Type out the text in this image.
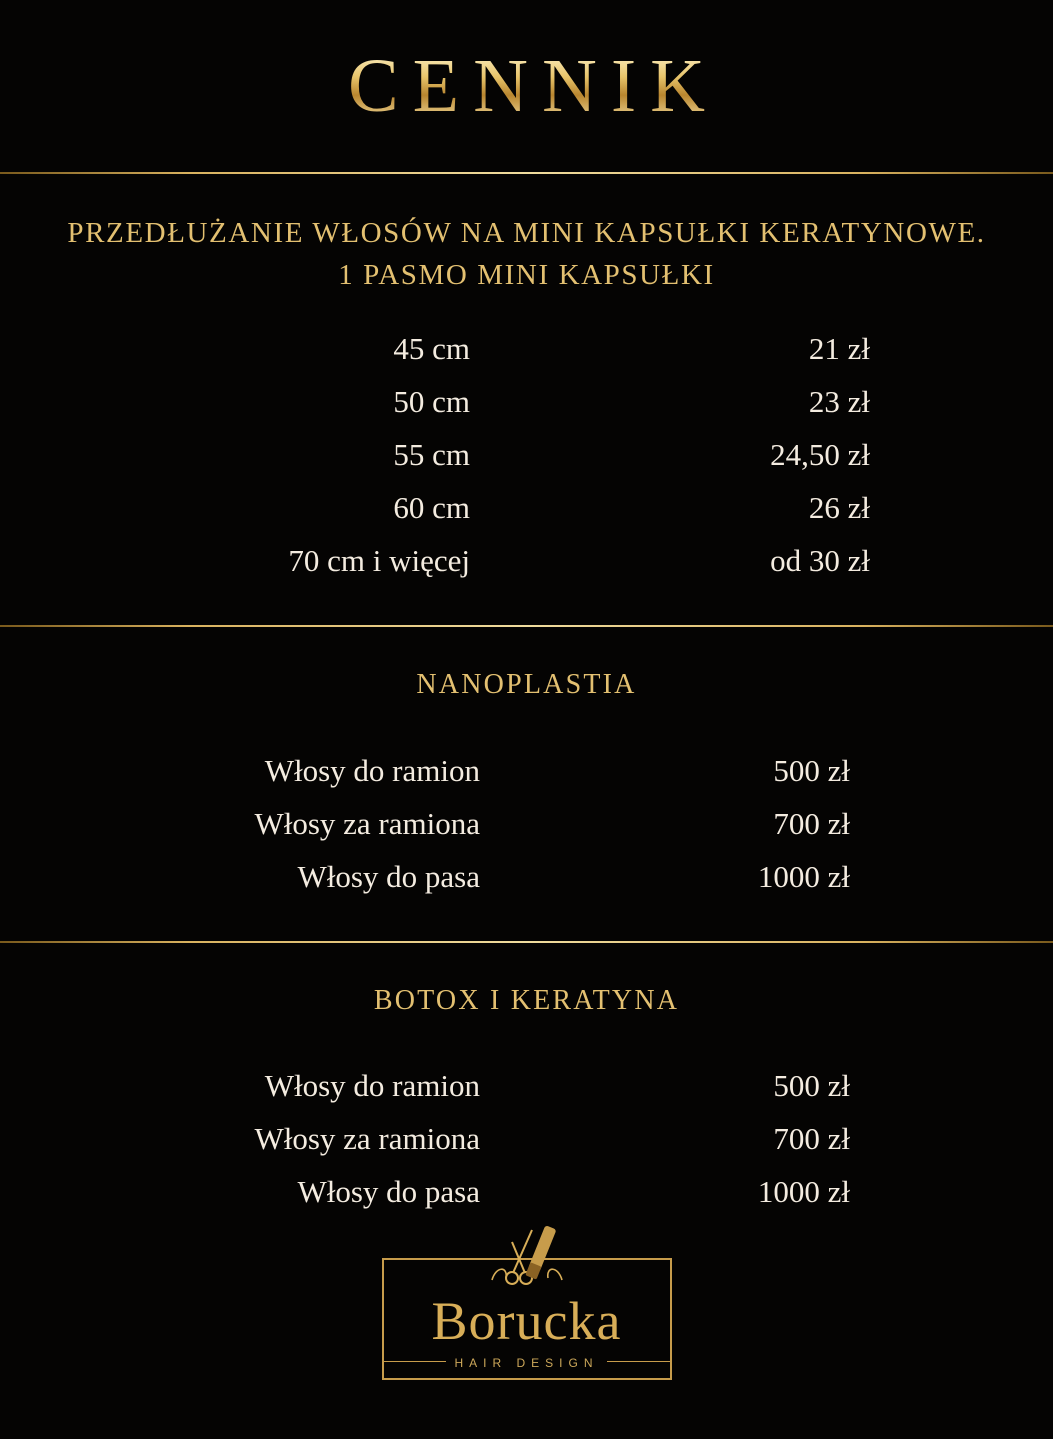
CENNIK
PRZEDŁUŻANIE WŁOSÓW NA MINI KAPSUŁKI KERATYNOWE.
1 PASMO MINI KAPSUŁKI
45 cm	21 zł
50 cm	23 zł
55 cm	24,50 zł
60 cm	26 zł
70 cm i więcej	od 30 zł
NANOPLASTIA
Włosy do ramion	500 zł
Włosy za ramiona	700 zł
Włosy do pasa	1000 zł
BOTOX I KERATYNA
Włosy do ramion	500 zł
Włosy za ramiona	700 zł
Włosy do pasa	1000 zł
Borucka
HAIR DESIGN
